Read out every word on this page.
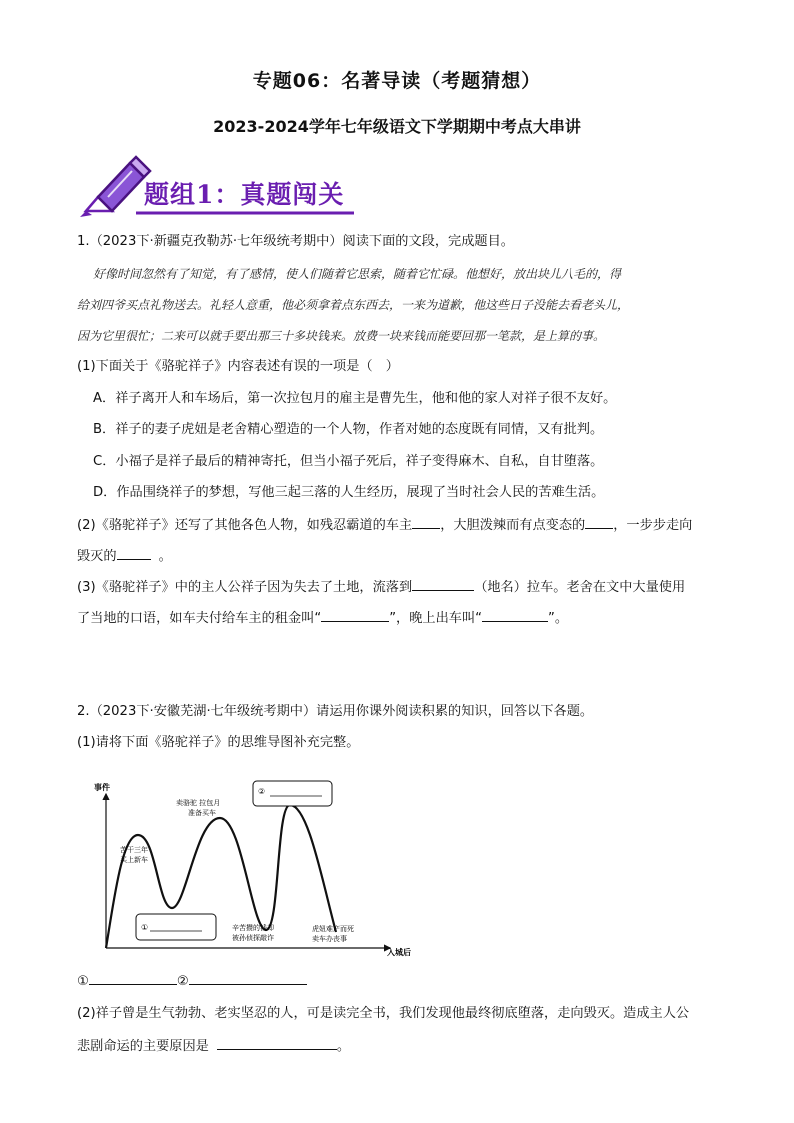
专题06：名著导读（考题猜想）
2023-2024学年七年级语文下学期期中考点大串讲
题组1：真题闯关
1.（2023下·新疆克孜勒苏·七年级统考期中）阅读下面的文段，完成题目。
好像时间忽然有了知觉，有了感情，使人们随着它思索，随着它忙碌。他想好，放出块儿八毛的，得
给刘四爷买点礼物送去。礼轻人意重，他必须拿着点东西去，一来为道歉，他这些日子没能去看老头儿，
因为它里很忙；二来可以就手要出那三十多块钱来。放费一块来钱而能要回那一笔款，是上算的事。
(1)下面关于《骆驼祥子》内容表述有误的一项是（　）
A．祥子离开人和车场后，第一次拉包月的雇主是曹先生，他和他的家人对祥子很不友好。
B．祥子的妻子虎妞是老舍精心塑造的一个人物，作者对她的态度既有同情，又有批判。
C．小福子是祥子最后的精神寄托，但当小福子死后，祥子变得麻木、自私，自甘堕落。
D．作品围绕祥子的梦想，写他三起三落的人生经历，展现了当时社会人民的苦难生活。
(2)《骆驼祥子》还写了其他各色人物，如残忍霸道的车主 ，大胆泼辣而有点变态的 ，一步步走向
毁灭的	。
(3)《骆驼祥子》中的主人公祥子因为失去了土地，流落到	（地名）拉车。老舍在文中大量使用
了当地的口语，如车夫付给车主的租金叫“	”，晚上出车叫“	”。
2.（2023下·安徽芜湖·七年级统考期中）请运用你课外阅读积累的知识，回答以下各题。
(1)请将下面《骆驼祥子》的思维导图补充完整。
事件
入城后
苦干三年
买上新车
卖骆驼 拉包月
准备买车
辛苦攒的钱却
被孙侦探敲诈
虎妞难产而死
卖车办丧事
①
②
①	②
(2)祥子曾是生气勃勃、老实坚忍的人，可是读完全书，我们发现他最终彻底堕落，走向毁灭。造成主人公
悲剧命运的主要原因是	。
